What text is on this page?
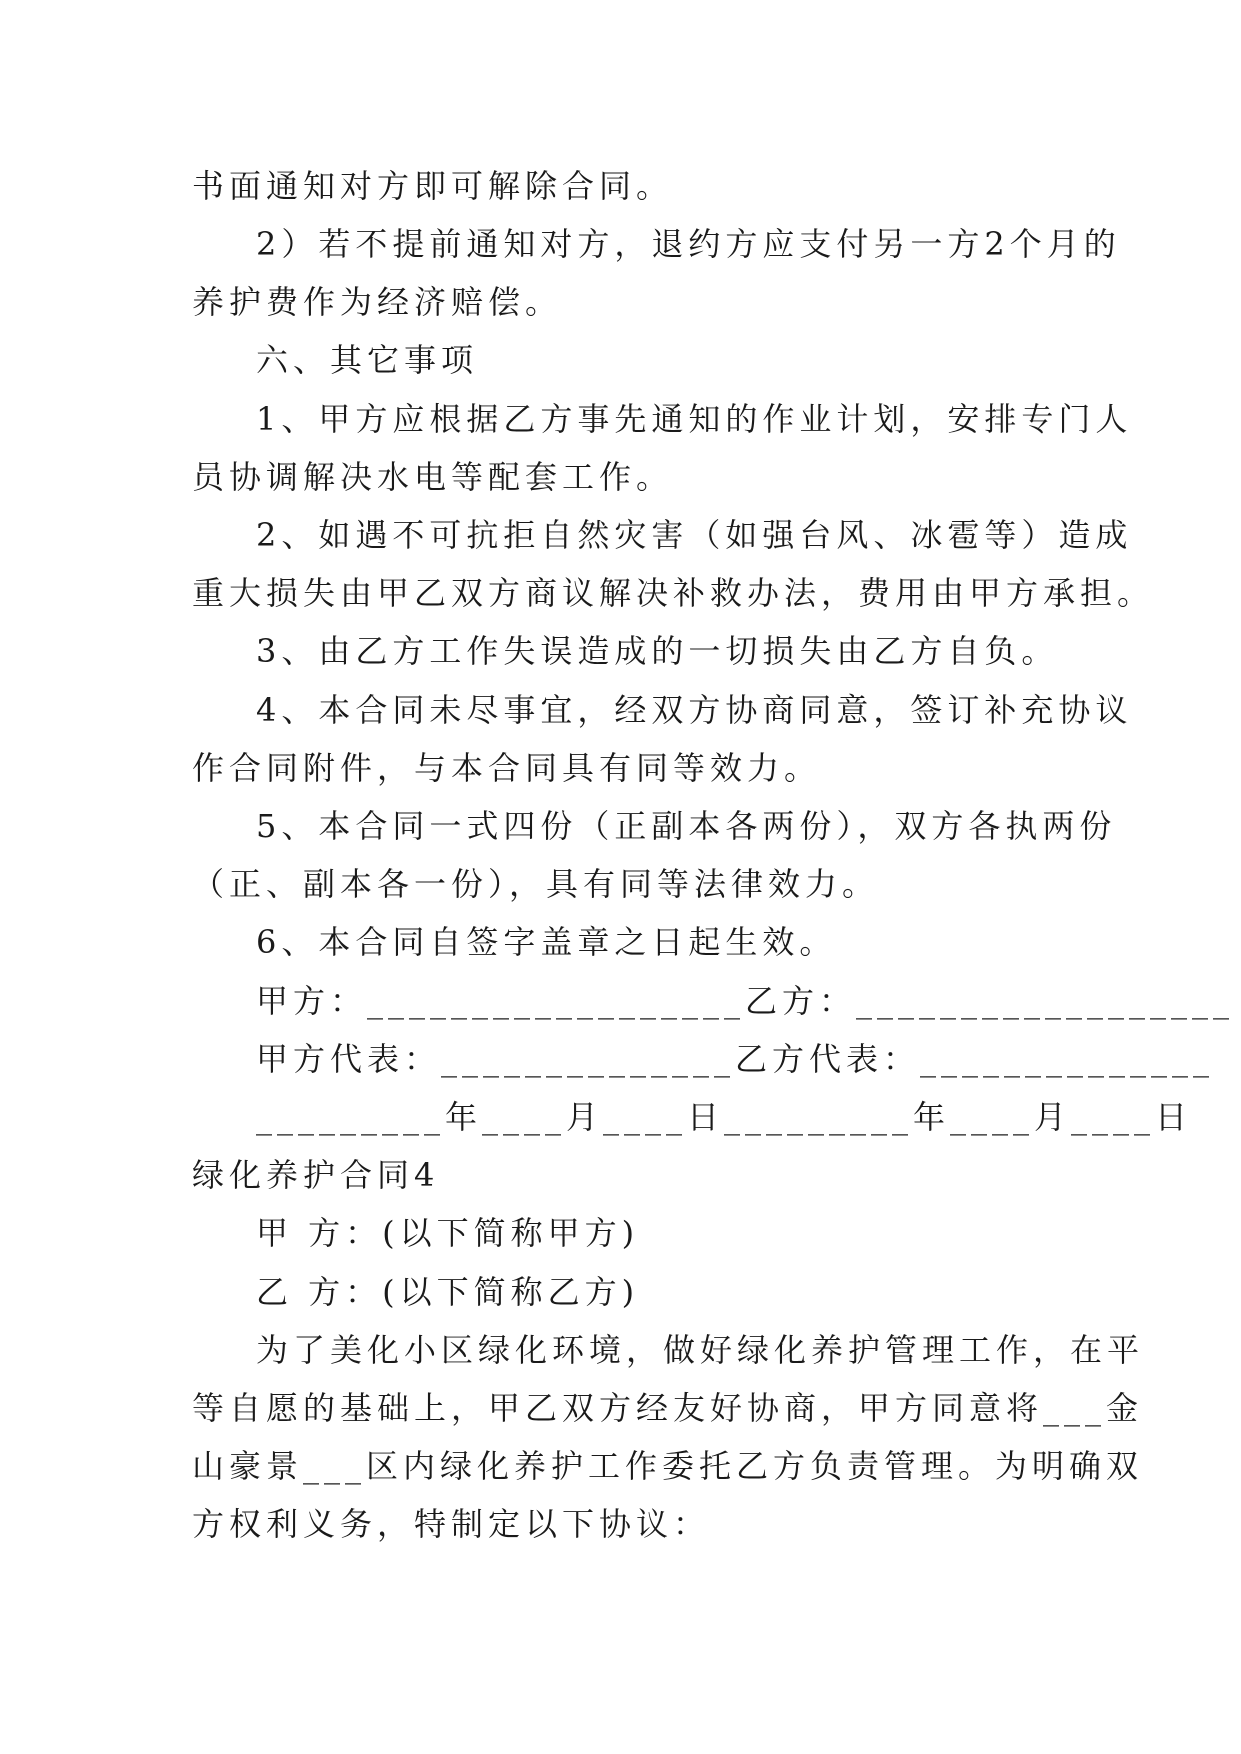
书面通知对方即可解除合同。
2）若不提前通知对方，退约方应支付另一方2个月的
养护费作为经济赔偿。
六、其它事项
1、甲方应根据乙方事先通知的作业计划，安排专门人
员协调解决水电等配套工作。
2、如遇不可抗拒自然灾害（如强台风、冰雹等）造成
重大损失由甲乙双方商议解决补救办法，费用由甲方承担。
3、由乙方工作失误造成的一切损失由乙方自负。
4、本合同未尽事宜，经双方协商同意，签订补充协议
作合同附件，与本合同具有同等效力。
5、本合同一式四份（正副本各两份），双方各执两份
（正、副本各一份），具有同等法律效力。
6、本合同自签字盖章之日起生效。
甲方：__________________乙方：__________________
甲方代表：______________乙方代表：______________
_________年____月____日_________年____月____日
绿化养护合同4
甲 方：(以下简称甲方)
乙 方：(以下简称乙方)
为了美化小区绿化环境，做好绿化养护管理工作，在平
等自愿的基础上，甲乙双方经友好协商，甲方同意将___金
山豪景___区内绿化养护工作委托乙方负责管理。为明确双
方权利义务，特制定以下协议：
